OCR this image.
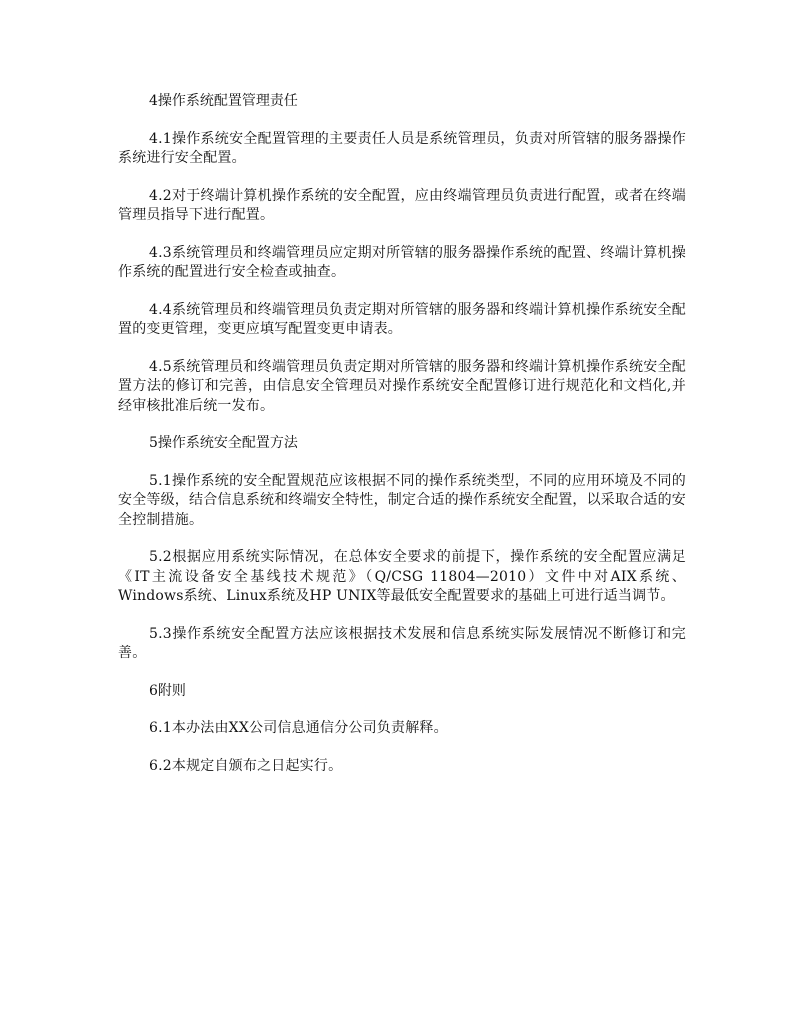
4操作系统配置管理责任

4.1操作系统安全配置管理的主要责任人员是系统管理员，负责对所管辖的服务器操作系统进行安全配置。

4.2对于终端计算机操作系统的安全配置，应由终端管理员负责进行配置，或者在终端管理员指导下进行配置。

4.3系统管理员和终端管理员应定期对所管辖的服务器操作系统的配置、终端计算机操作系统的配置进行安全检查或抽查。

4.4系统管理员和终端管理员负责定期对所管辖的服务器和终端计算机操作系统安全配置的变更管理，变更应填写配置变更申请表。

4.5系统管理员和终端管理员负责定期对所管辖的服务器和终端计算机操作系统安全配置方法的修订和完善，由信息安全管理员对操作系统安全配置修订进行规范化和文档化,并经审核批准后统一发布。

5操作系统安全配置方法

5.1操作系统的安全配置规范应该根据不同的操作系统类型，不同的应用环境及不同的安全等级，结合信息系统和终端安全特性，制定合适的操作系统安全配置，以采取合适的安全控制措施。

5.2根据应用系统实际情况，在总体安全要求的前提下，操作系统的安全配置应满足《IT主流设备安全基线技术规范》（Q/CSG 11804—2010）文件中对AIX系统、Windows系统、Linux系统及HP UNIX等最低安全配置要求的基础上可进行适当调节。

5.3操作系统安全配置方法应该根据技术发展和信息系统实际发展情况不断修订和完善。

6附则

6.1本办法由XX公司信息通信分公司负责解释。

6.2本规定自颁布之日起实行。
